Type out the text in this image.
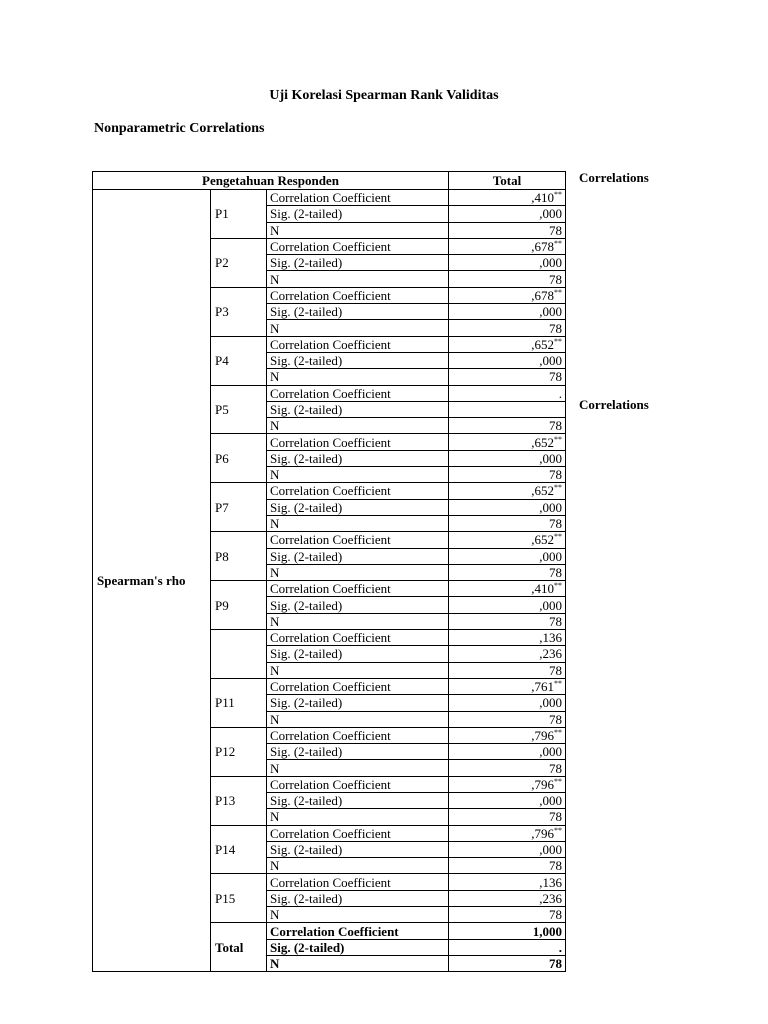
Uji Korelasi Spearman Rank Validitas
Nonparametric Correlations
Correlations
Correlations
Pengetahuan Responden			Total
Spearman's rho	P1	Correlation Coefficient	,410**
		Sig. (2-tailed)	,000
		N	78
	P2	Correlation Coefficient	,678**
		Sig. (2-tailed)	,000
		N	78
	P3	Correlation Coefficient	,678**
		Sig. (2-tailed)	,000
		N	78
	P4	Correlation Coefficient	,652**
		Sig. (2-tailed)	,000
		N	78
	P5	Correlation Coefficient	.
		Sig. (2-tailed)	
		N	78
	P6	Correlation Coefficient	,652**
		Sig. (2-tailed)	,000
		N	78
	P7	Correlation Coefficient	,652**
		Sig. (2-tailed)	,000
		N	78
	P8	Correlation Coefficient	,652**
		Sig. (2-tailed)	,000
		N	78
	P9	Correlation Coefficient	,410**
		Sig. (2-tailed)	,000
		N	78
		Correlation Coefficient	,136
		Sig. (2-tailed)	,236
		N	78
	P11	Correlation Coefficient	,761**
		Sig. (2-tailed)	,000
		N	78
	P12	Correlation Coefficient	,796**
		Sig. (2-tailed)	,000
		N	78
	P13	Correlation Coefficient	,796**
		Sig. (2-tailed)	,000
		N	78
	P14	Correlation Coefficient	,796**
		Sig. (2-tailed)	,000
		N	78
	P15	Correlation Coefficient	,136
		Sig. (2-tailed)	,236
		N	78
	Total	Correlation Coefficient	1,000
		Sig. (2-tailed)	.
		N	78
